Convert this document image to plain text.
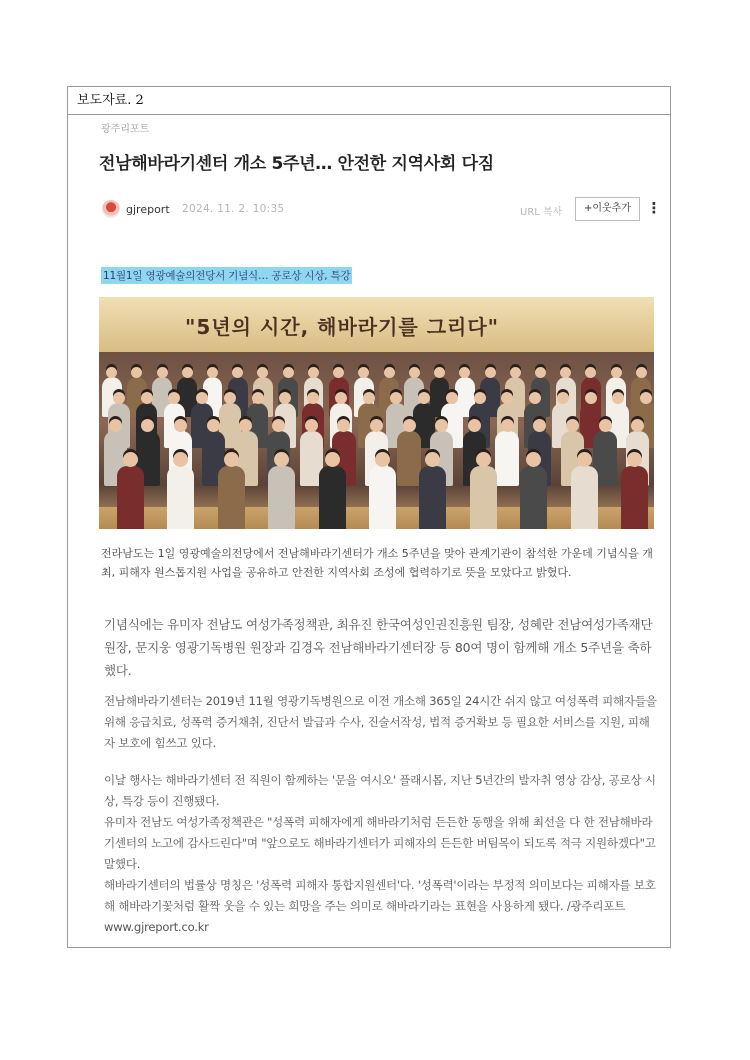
보도자료. 2
광주리포트
전남해바라기센터 개소 5주년… 안전한 지역사회 다짐
gjreport 2024. 11. 2. 10:35	URL 복사	+이웃추가	⋮
11월1일 영광예술의전당서 기념식… 공로상 시상, 특강
"5년의 시간, 해바라기를 그리다"
전라남도는 1일 영광예술의전당에서 전남해바라기센터가 개소 5주년을 맞아 관계기관이 참석한 가운데 기념식을 개최, 피해자 원스톱지원 사업을 공유하고 안전한 지역사회 조성에 협력하기로 뜻을 모았다고 밝혔다.
기념식에는 유미자 전남도 여성가족정책관, 최유진 한국여성인권진흥원 팀장, 성혜란 전남여성가족재단 원장, 문지웅 영광기독병원 원장과 김경옥 전남해바라기센터장 등 80여 명이 함께해 개소 5주년을 축하했다.
전남해바라기센터는 2019년 11월 영광기독병원으로 이전 개소해 365일 24시간 쉬지 않고 여성폭력 피해자들을 위해 응급치료, 성폭력 증거채취, 진단서 발급과 수사, 진술서작성, 법적 증거확보 등 필요한 서비스를 지원, 피해자 보호에 힘쓰고 있다.
이날 행사는 해바라기센터 전 직원이 함께하는 '문을 여시오' 플래시몹, 지난 5년간의 발자취 영상 감상, 공로상 시상, 특강 등이 진행됐다.
유미자 전남도 여성가족정책관은 "성폭력 피해자에게 해바라기처럼 든든한 동행을 위해 최선을 다 한 전남해바라기센터의 노고에 감사드린다"며 "앞으로도 해바라기센터가 피해자의 든든한 버팀목이 되도록 적극 지원하겠다"고 말했다.
해바라기센터의 법률상 명칭은 '성폭력 피해자 통합지원센터'다. '성폭력'이라는 부정적 의미보다는 피해자를 보호해 해바라기꽃처럼 활짝 웃을 수 있는 희망을 주는 의미로 해바라기라는 표현을 사용하게 됐다. /광주리포트 www.gjreport.co.kr
